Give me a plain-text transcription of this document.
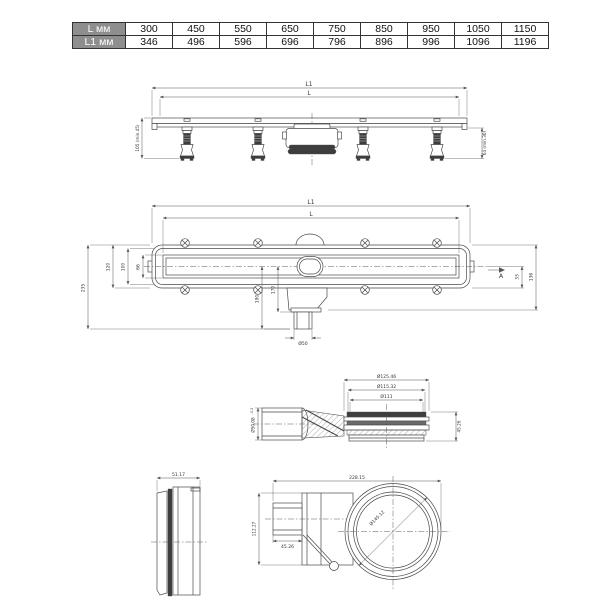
L мм	300	450	550	650	750	850	950	1050	1150
L1 мм	346	496	596	696	796	896	996	1096	1196
L1
L
105 (min.45)	64 (min.30)
L1
L
235
120 100 66
170
190
Ø50
A	33 136
Ø125.46
Ø115.32
Ø111
45.26
Ø50.08
-0.2
51.17
Ø145.12
228.15
112.27
45.26
